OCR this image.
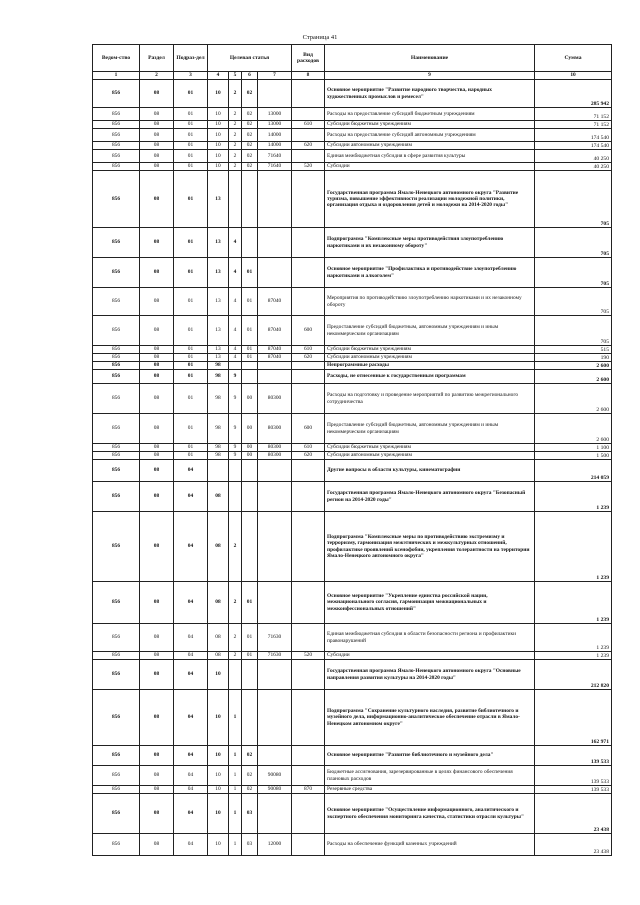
Страница 41
Ведом-ство	Раздел	Подраз-дел	Целевая статья				Вид расходов	Наименование	Сумма
1	2	3	4	5	6	7	8	9	10
856	08	01	10	2	02			Основное мероприятие "Развитие народного творчества, народных художественных промыслов и ремесел"	285 942
856	08	01	10	2	02	13000		Расходы на предоставление субсидий бюджетным учреждениям	71 152
856	08	01	10	2	02	13000	610	Субсидии бюджетным учреждениям	71 152
856	08	01	10	2	02	14000		Расходы на предоставление субсидий автономным учреждениям	174 540
856	08	01	10	2	02	14000	620	Субсидии автономным учреждениям	174 540
856	08	01	10	2	02	71640		Единая межбюджетная субсидия в сфере развития культуры	40 250
856	08	01	10	2	02	71640	520	Субсидии	40 250
856	08	01	13					Государственная программа Ямало-Ненецкого автономного округа "Развитие туризма, повышение эффективности реализации молодежной политики, организация отдыха и оздоровления детей и молодежи на 2014-2020 годы"	705
856	08	01	13	4				Подпрограмма "Комплексные меры противодействия злоупотреблению наркотиками и их незаконному обороту"	705
856	08	01	13	4	01			Основное мероприятие "Профилактика и противодействие злоупотреблению наркотиками и алкоголем"	705
856	08	01	13	4	01	87040		Мероприятия по противодействию злоупотреблению наркотиками и их незаконному обороту	705
856	08	01	13	4	01	87040	600	Предоставление субсидий бюджетным, автономным учреждениям и иным некоммерческим организациям	705
856	08	01	13	4	01	87040	610	Субсидии бюджетным учреждениям	515
856	08	01	13	4	01	87040	620	Субсидии автономным учреждениям	190
856	08	01	98					Непрограммные расходы	2 600
856	08	01	98	9				Расходы, не отнесенные к государственным программам	2 600
856	08	01	98	9	00	80300		Расходы на подготовку и проведение мероприятий по развитию межрегионального сотрудничества	2 600
856	08	01	98	9	00	80300	600	Предоставление субсидий бюджетным, автономным учреждениям и иным некоммерческим организациям	2 600
856	08	01	98	9	00	80300	610	Субсидии бюджетным учреждениям	1 100
856	08	01	98	9	00	80300	620	Субсидии автономным учреждениям	1 500
856	08	04						Другие вопросы в области культуры, кинематографии	214 059
856	08	04	08					Государственная программа Ямало-Ненецкого автономного округа "Безопасный регион на 2014-2020 годы"	1 239
856	08	04	08	2				Подпрограмма "Комплексные меры по противодействию экстремизму и терроризму, гармонизация межэтнических и межкультурных отношений, профилактике проявлений ксенофобии, укрепления толерантности на территории Ямало-Ненецкого автономного округа"	1 239
856	08	04	08	2	01			Основное мероприятие "Укрепление единства российской нации, межнационального согласия, гармонизация межнациональных и межконфессиональных отношений"	1 239
856	08	04	08	2	01	71630		Единая межбюджетная субсидия в области безопасности региона и профилактики правонарушений	1 239
856	08	04	08	2	01	71630	520	Субсидии	1 239
856	08	04	10					Государственная программа Ямало-Ненецкого автономного округа "Основные направления развития культуры на 2014-2020 годы"	212 820
856	08	04	10	1				Подпрограмма "Сохранение культурного наследия, развитие библиотечного и музейного дела, информационно-аналитическое обеспечение отрасли в Ямало-Ненецком автономном округе"	162 971
856	08	04	10	1	02			Основное мероприятие "Развитие библиотечного и музейного дела"	139 533
856	08	04	10	1	02	90080		Бюджетные ассигнования, зарезервированные в целях финансового обеспечения плановых расходов	139 533
856	08	04	10	1	02	90080	870	Резервные средства	139 533
856	08	04	10	1	03			Основное мероприятие "Осуществление информационного, аналитического и экспертного обеспечения мониторинга качества, статистики отрасли культуры"	23 438
856	08	04	10	1	03	12000		Расходы на обеспечение функций казенных учреждений	23 438
